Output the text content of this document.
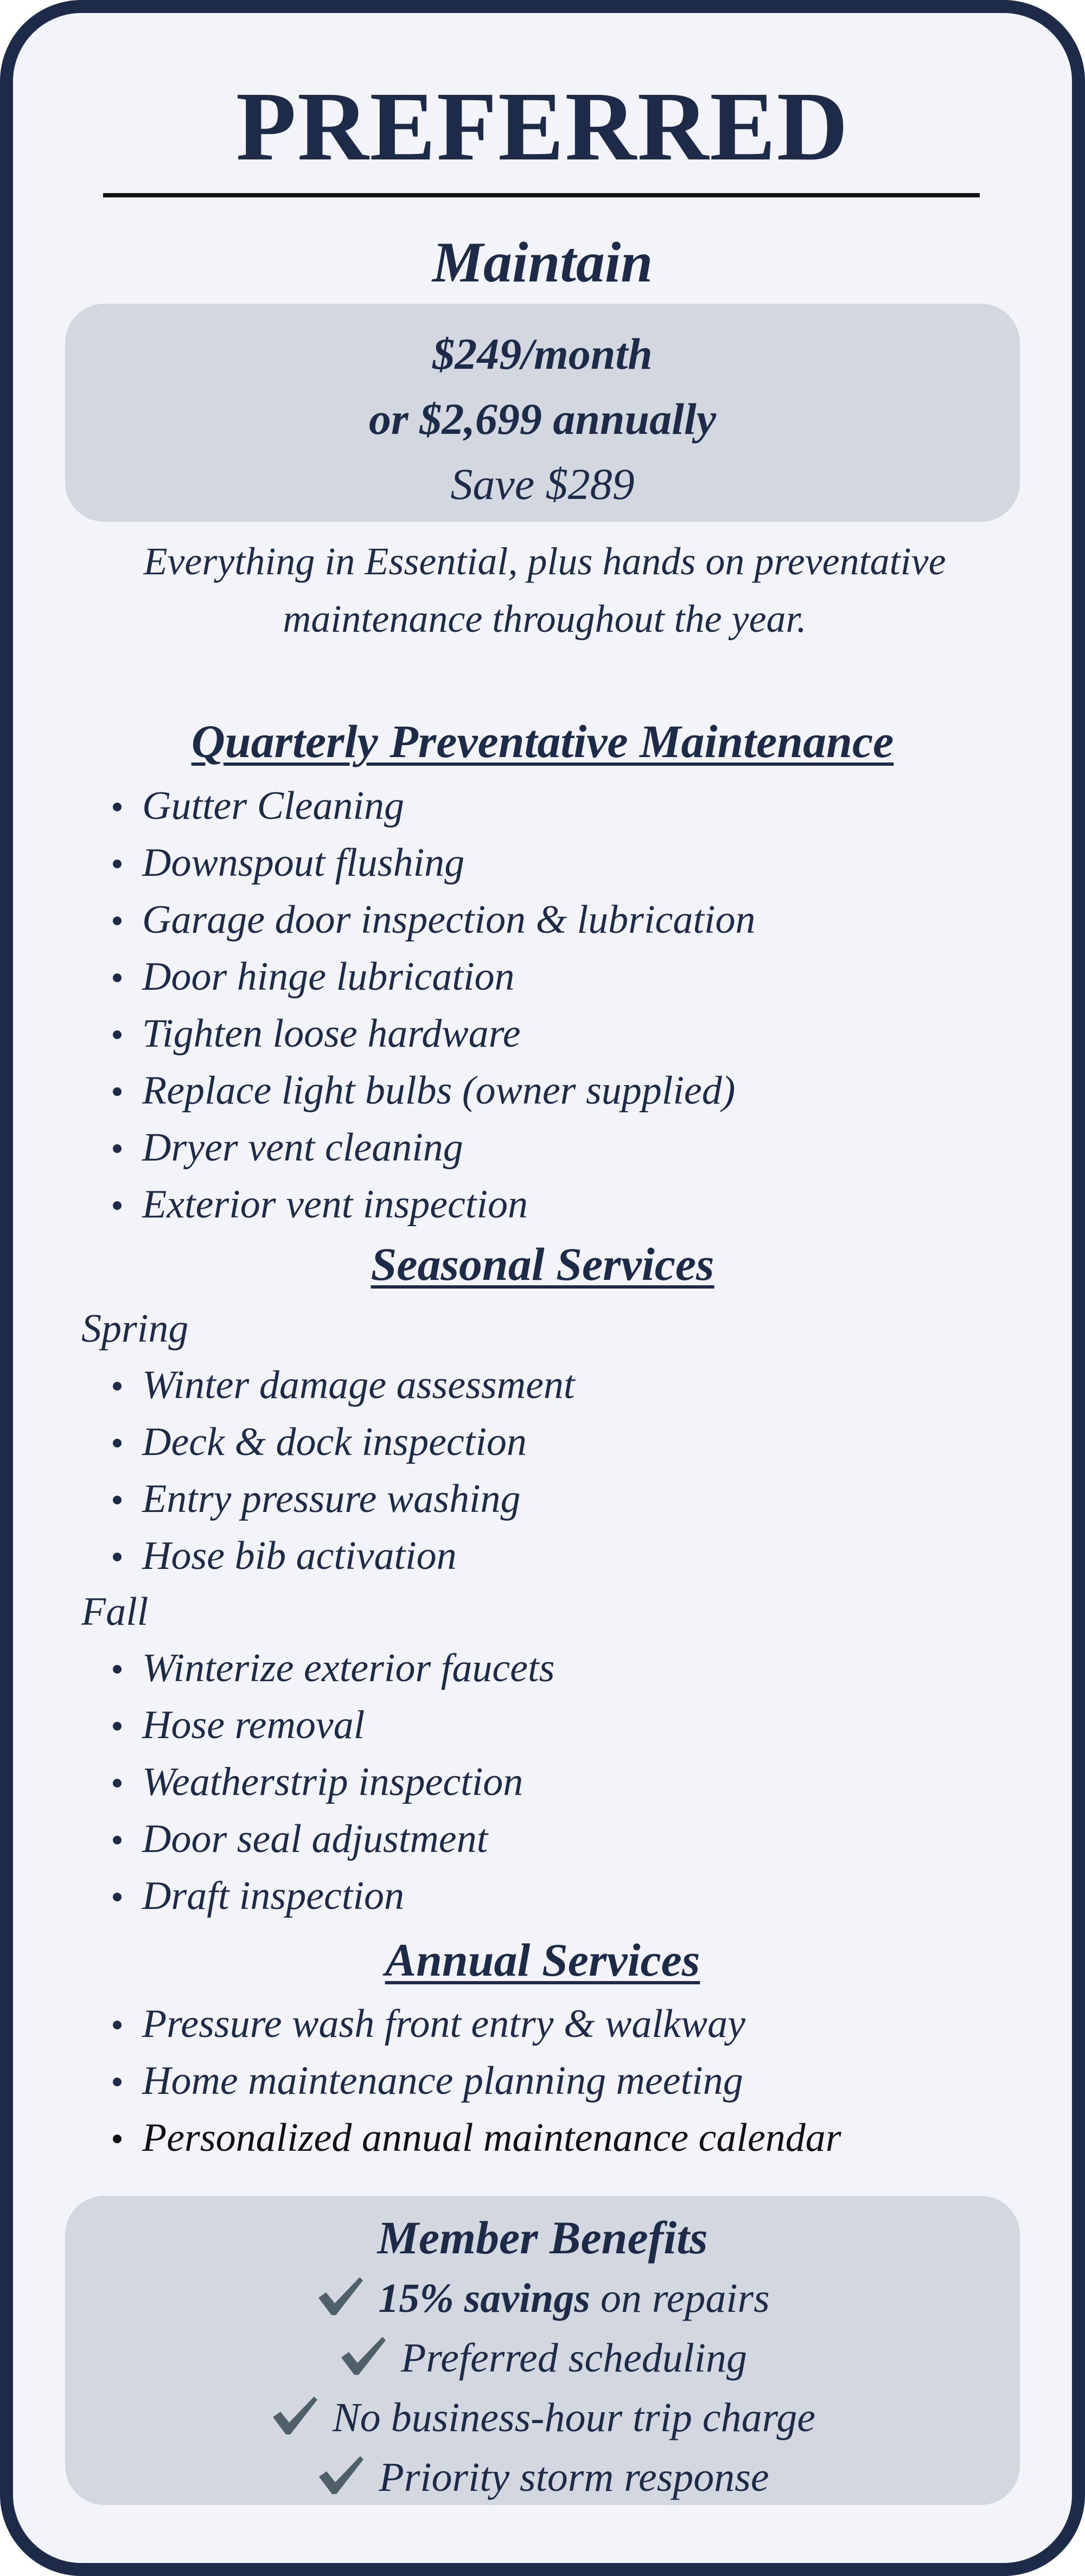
PREFERRED
Maintain
$249/month
or $2,699 annually
Save $289
Everything in Essential, plus hands on preventative maintenance throughout the year.
Quarterly Preventative Maintenance
Gutter Cleaning
Downspout flushing
Garage door inspection & lubrication
Door hinge lubrication
Tighten loose hardware
Replace light bulbs (owner supplied)
Dryer vent cleaning
Exterior vent inspection
Seasonal Services
Spring
Winter damage assessment
Deck & dock inspection
Entry pressure washing
Hose bib activation
Fall
Winterize exterior faucets
Hose removal
Weatherstrip inspection
Door seal adjustment
Draft inspection
Annual Services
Pressure wash front entry & walkway
Home maintenance planning meeting
Personalized annual maintenance calendar
Member Benefits
15% savings on repairs
Preferred scheduling
No business-hour trip charge
Priority storm response
